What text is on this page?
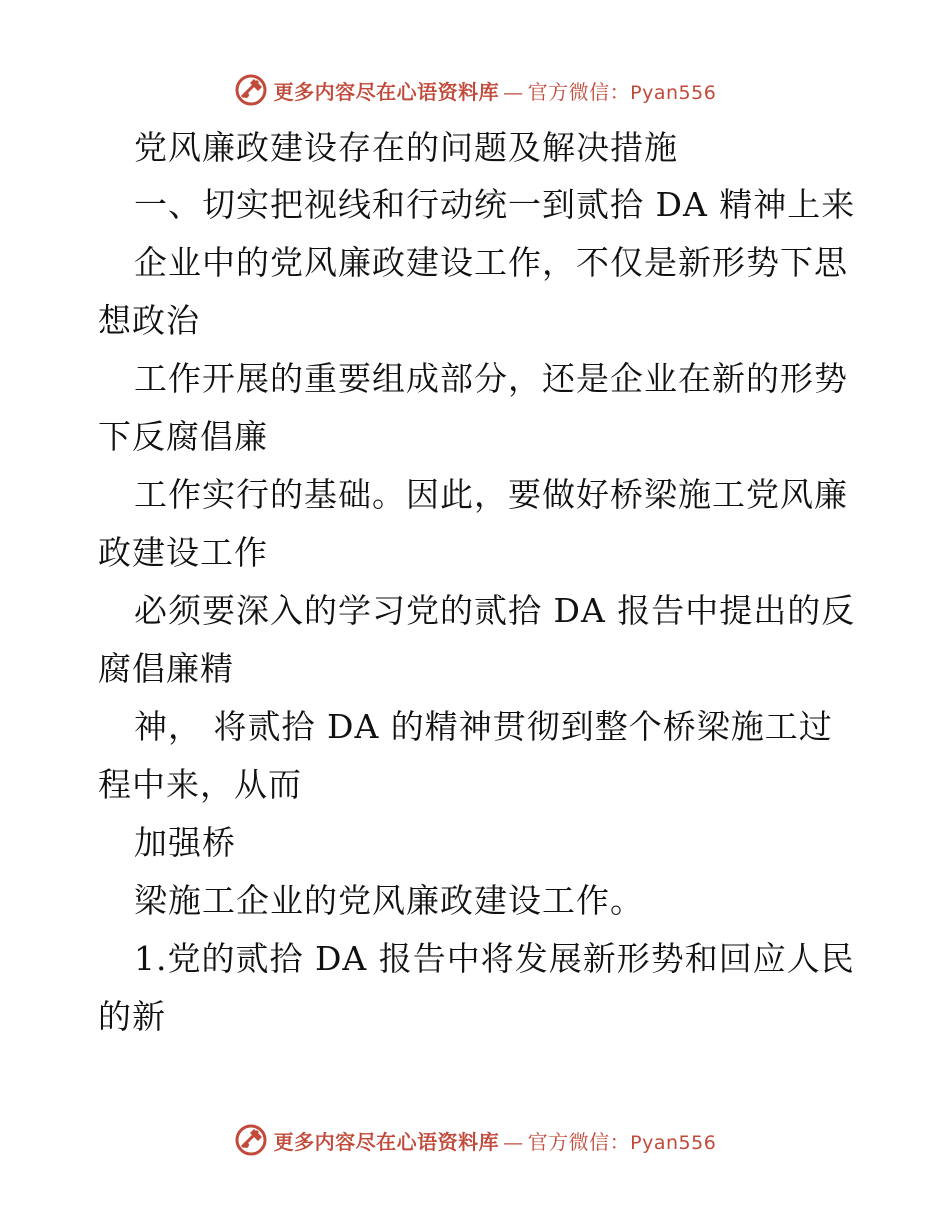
更多内容尽在心语资料库 — 官方微信： Pyan556
党风廉政建设存在的问题及解决措施
一、切实把视线和行动统一到贰拾 DA 精神上来
企业中的党风廉政建设工作，不仅是新形势下思
想政治
工作开展的重要组成部分，还是企业在新的形势
下反腐倡廉
工作实行的基础。因此，要做好桥梁施工党风廉
政建设工作
必须要深入的学习党的贰拾 DA 报告中提出的反
腐倡廉精
神， 将贰拾 DA 的精神贯彻到整个桥梁施工过
程中来，从而
加强桥
梁施工企业的党风廉政建设工作。
1.党的贰拾 DA 报告中将发展新形势和回应人民
的新
更多内容尽在心语资料库 — 官方微信： Pyan556
